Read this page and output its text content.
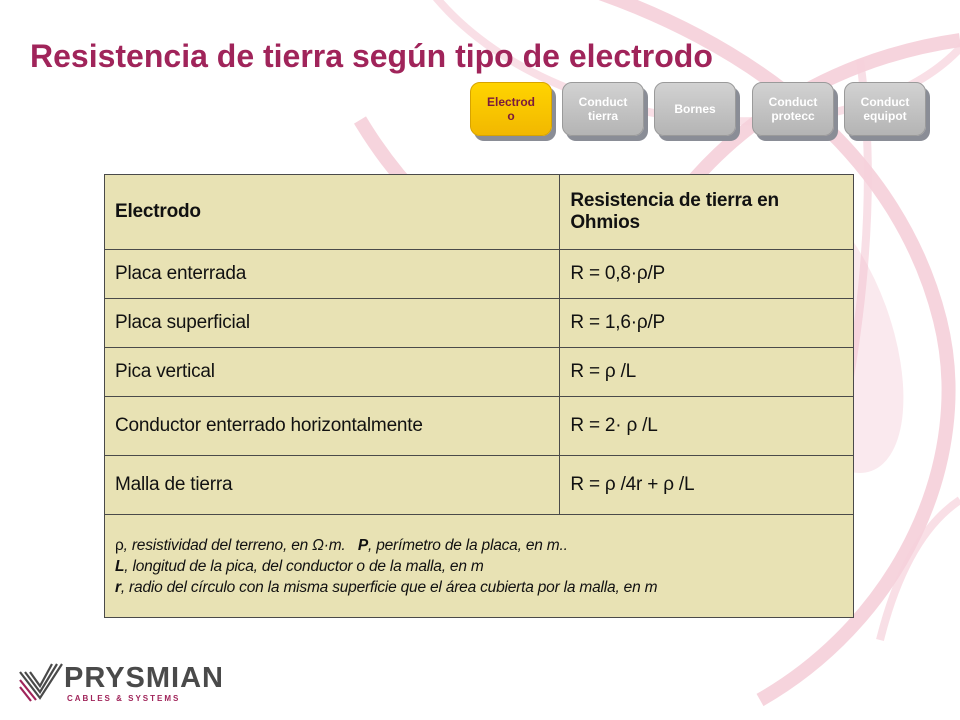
Resistencia de tierra según tipo de electrodo
Electrod
o
Conduct
tierra	Bornes	Conduct
protecc
Conduct
equipot
Electrodo	Resistencia de tierra en Ohmios
Placa enterrada	R = 0,8·ρ/P
Placa superficial	R = 1,6·ρ/P
Pica vertical	R = ρ /L
Conductor enterrado horizontalmente	R = 2· ρ /L
Malla de tierra	R = ρ /4r + ρ /L
ρ, resistividad del terreno, en Ω·m. P, perímetro de la placa, en m..
L, longitud de la pica, del conductor o de la malla, en m
r, radio del círculo con la misma superficie que el área cubierta por la malla, en m	
PRYSMIAN
CABLES & SYSTEMS
